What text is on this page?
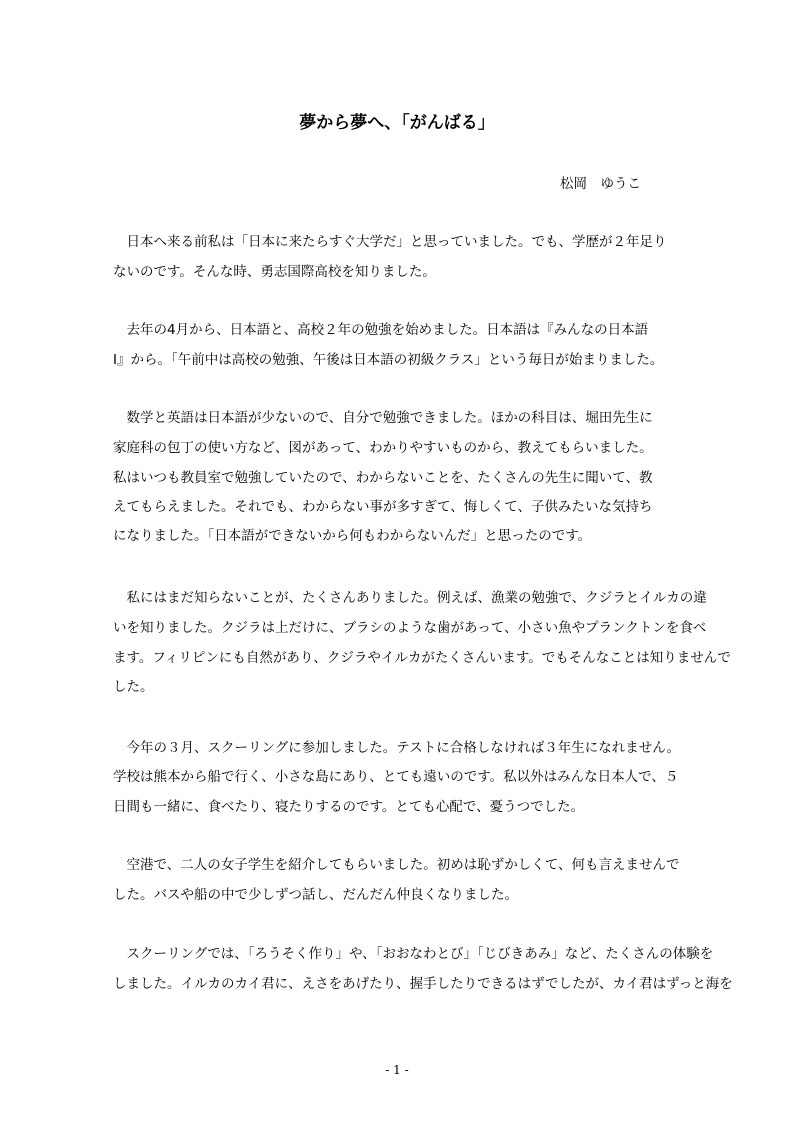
夢から夢へ、「がんばる」
松岡　ゆうこ

　日本へ来る前私は「日本に来たらすぐ大学だ」と思っていました。でも、学歴が２年足り

ないのです。そんな時、勇志国際高校を知りました。

　去年の4月から、日本語と、高校２年の勉強を始めました。日本語は『みんなの日本語

Ⅰ』から。「午前中は高校の勉強、午後は日本語の初級クラス」という毎日が始まりました。

　数学と英語は日本語が少ないので、自分で勉強できました。ほかの科目は、堀田先生に

家庭科の包丁の使い方など、図があって、わかりやすいものから、教えてもらいました。

私はいつも教員室で勉強していたので、わからないことを、たくさんの先生に聞いて、教

えてもらえました。それでも、わからない事が多すぎて、悔しくて、子供みたいな気持ち

になりました。「日本語ができないから何もわからないんだ」と思ったのです。

　私にはまだ知らないことが、たくさんありました。例えば、漁業の勉強で、クジラとイルカの違

いを知りました。クジラは上だけに、ブラシのような歯があって、小さい魚やプランクトンを食べ

ます。フィリピンにも自然があり、クジラやイルカがたくさんいます。でもそんなことは知りませんで

した。

　今年の３月、スクーリングに参加しました。テストに合格しなければ３年生になれません。

学校は熊本から船で行く、小さな島にあり、とても遠いのです。私以外はみんな日本人で、５

日間も一緒に、食べたり、寝たりするのです。とても心配で、憂うつでした。

　空港で、二人の女子学生を紹介してもらいました。初めは恥ずかしくて、何も言えませんで

した。バスや船の中で少しずつ話し、だんだん仲良くなりました。

　スクーリングでは、「ろうそく作り」や、「おおなわとび」「じびきあみ」など、たくさんの体験を

しました。イルカのカイ君に、えさをあげたり、握手したりできるはずでしたが、カイ君はずっと海を

- 1 -
